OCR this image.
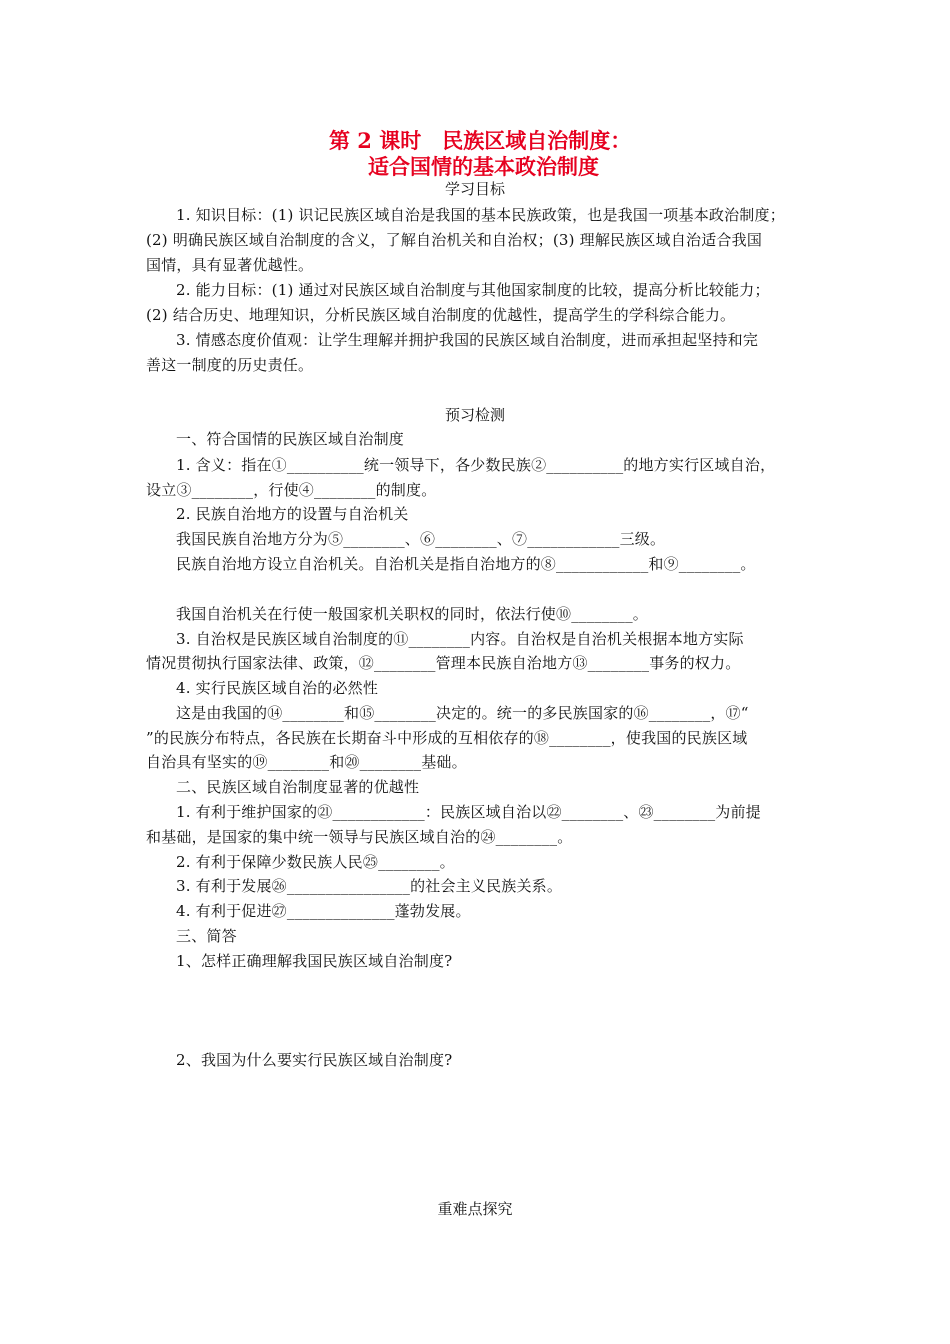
第 2 课时　民族区域自治制度：
适合国情的基本政治制度
学习目标
1. 知识目标：(1) 识记民族区域自治是我国的基本民族政策，也是我国一项基本政治制度；
(2) 明确民族区域自治制度的含义，了解自治机关和自治权；(3) 理解民族区域自治适合我国
国情，具有显著优越性。
2. 能力目标：(1) 通过对民族区域自治制度与其他国家制度的比较，提高分析比较能力；
(2) 结合历史、地理知识，分析民族区域自治制度的优越性，提高学生的学科综合能力。
3. 情感态度价值观：让学生理解并拥护我国的民族区域自治制度，进而承担起坚持和完
善这一制度的历史责任。
预习检测
一、符合国情的民族区域自治制度
1. 含义：指在①__________统一领导下，各少数民族②__________的地方实行区域自治，
设立③________，行使④________的制度。
2. 民族自治地方的设置与自治机关
我国民族自治地方分为⑤________、⑥________、⑦____________三级。
民族自治地方设立自治机关。自治机关是指自治地方的⑧____________和⑨________。
我国自治机关在行使一般国家机关职权的同时，依法行使⑩________。
3. 自治权是民族区域自治制度的⑪________内容。自治权是自治机关根据本地方实际
情况贯彻执行国家法律、政策，⑫________管理本民族自治地方⑬________事务的权力。
4. 实行民族区域自治的必然性
这是由我国的⑭________和⑮________决定的。统一的多民族国家的⑯________，⑰“
”的民族分布特点，各民族在长期奋斗中形成的互相依存的⑱________，使我国的民族区域
自治具有坚实的⑲________和⑳________基础。
二、民族区域自治制度显著的优越性
1. 有利于维护国家的㉑____________：民族区域自治以㉒________、㉓________为前提
和基础，是国家的集中统一领导与民族区域自治的㉔________。
2. 有利于保障少数民族人民㉕________。
3. 有利于发展㉖________________的社会主义民族关系。
4. 有利于促进㉗______________蓬勃发展。
三、简答
1、怎样正确理解我国民族区域自治制度?
2、我国为什么要实行民族区域自治制度?
重难点探究
